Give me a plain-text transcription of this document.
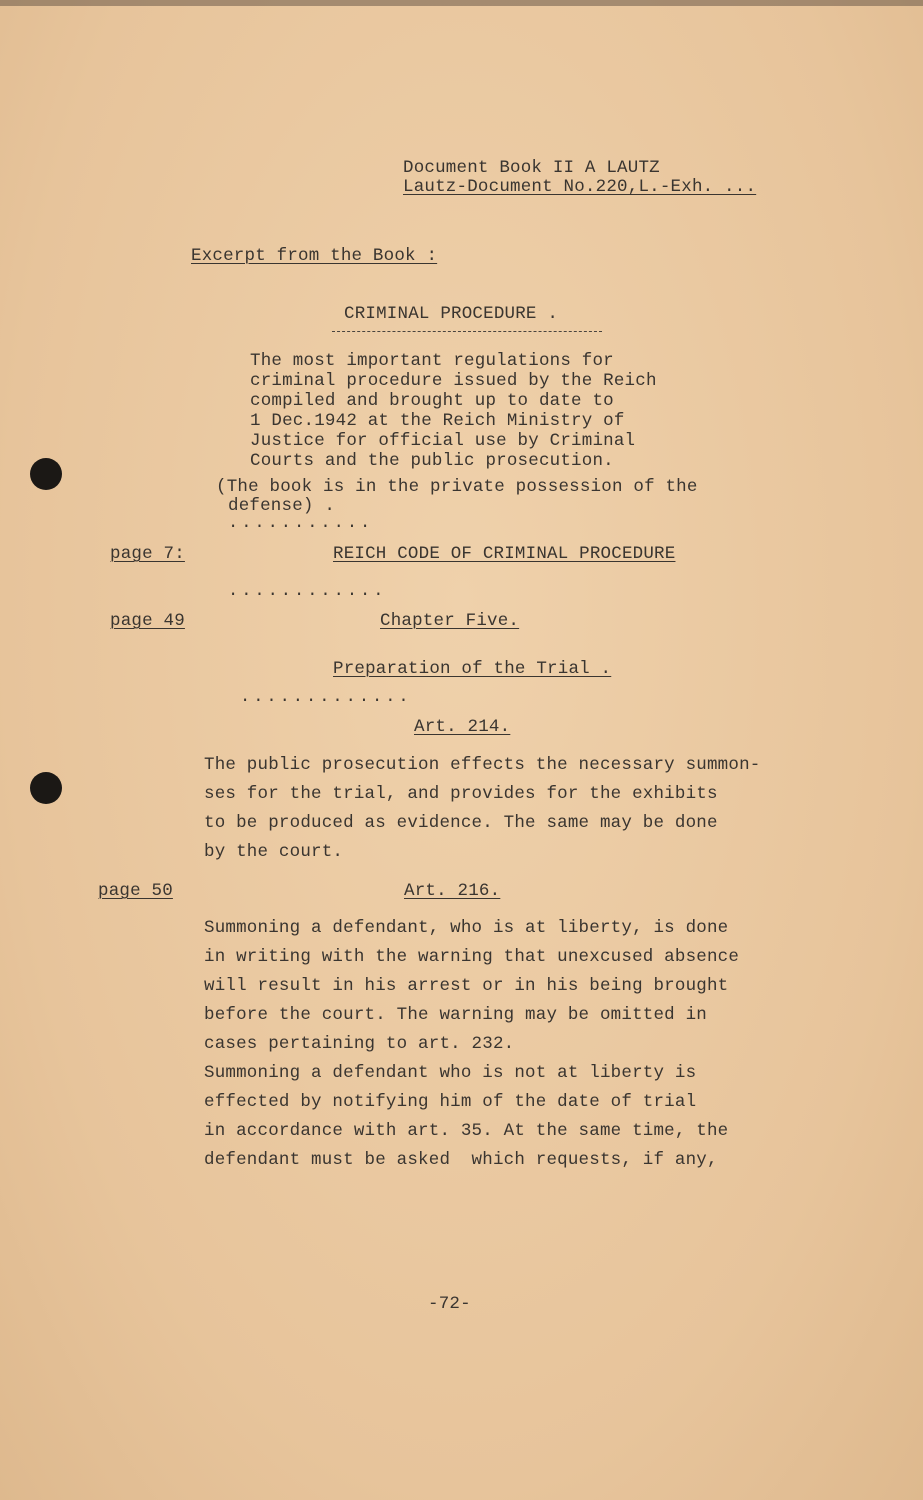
Document Book II A LAUTZ
Lautz-Document No.220,L.-Exh. ...
Excerpt from the Book :
CRIMINAL PROCEDURE .
The most important regulations for
criminal procedure issued by the Reich
compiled and brought up to date to
1 Dec.1942 at the Reich Ministry of
Justice for official use by Criminal
Courts and the public prosecution.
(The book is in the private possession of the
defense) .
...........
page 7:	REICH CODE OF CRIMINAL PROCEDURE
............
page 49	Chapter Five.
Preparation of the Trial .
.............
Art. 214.
The public prosecution effects the necessary summon-
ses for the trial, and provides for the exhibits
to be produced as evidence. The same may be done
by the court.
page 50	Art. 216.
Summoning a defendant, who is at liberty, is done
in writing with the warning that unexcused absence
will result in his arrest or in his being brought
before the court. The warning may be omitted in
cases pertaining to art. 232.
Summoning a defendant who is not at liberty is
effected by notifying him of the date of trial
in accordance with art. 35. At the same time, the
defendant must be asked  which requests, if any,
-72-
